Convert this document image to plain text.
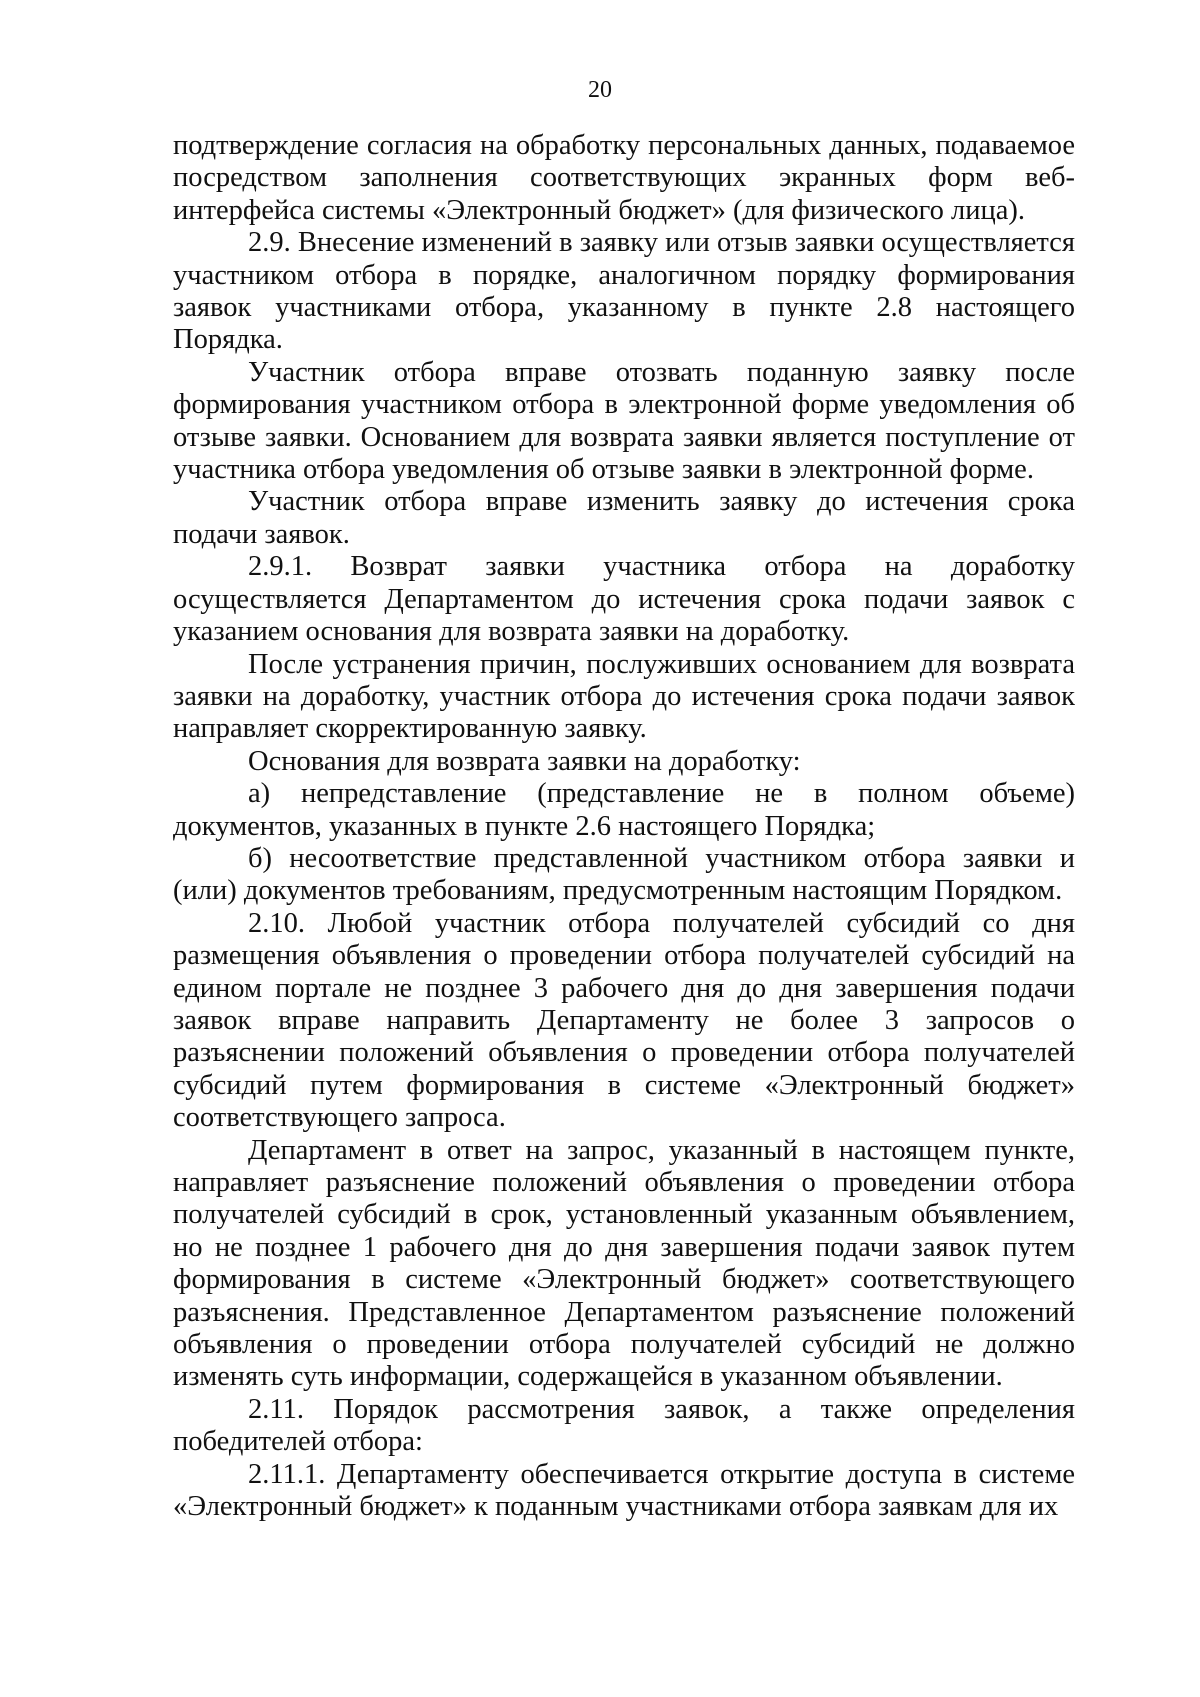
20

подтверждение согласия на обработку персональных данных, подаваемое посредством заполнения соответствующих экранных форм веб-интерфейса системы «Электронный бюджет» (для физического лица).

2.9. Внесение изменений в заявку или отзыв заявки осуществляется участником отбора в порядке, аналогичном порядку формирования заявок участниками отбора, указанному в пункте 2.8 настоящего Порядка.

Участник отбора вправе отозвать поданную заявку после формирования участником отбора в электронной форме уведомления об отзыве заявки. Основанием для возврата заявки является поступление от участника отбора уведомления об отзыве заявки в электронной форме.

Участник отбора вправе изменить заявку до истечения срока подачи заявок.

2.9.1. Возврат заявки участника отбора на доработку осуществляется Департаментом до истечения срока подачи заявок с указанием основания для возврата заявки на доработку.

После устранения причин, послуживших основанием для возврата заявки на доработку, участник отбора до истечения срока подачи заявок направляет скорректированную заявку.

Основания для возврата заявки на доработку:

а) непредставление (представление не в полном объеме) документов, указанных в пункте 2.6 настоящего Порядка;

б) несоответствие представленной участником отбора заявки и (или) документов требованиям, предусмотренным настоящим Порядком.

2.10. Любой участник отбора получателей субсидий со дня размещения объявления о проведении отбора получателей субсидий на едином портале не позднее 3 рабочего дня до дня завершения подачи заявок вправе направить Департаменту не более 3 запросов о разъяснении положений объявления о проведении отбора получателей субсидий путем формирования в системе «Электронный бюджет» соответствующего запроса.

Департамент в ответ на запрос, указанный в настоящем пункте, направляет разъяснение положений объявления о проведении отбора получателей субсидий в срок, установленный указанным объявлением, но не позднее 1 рабочего дня до дня завершения подачи заявок путем формирования в системе «Электронный бюджет» соответствующего разъяснения. Представленное Департаментом разъяснение положений объявления о проведении отбора получателей субсидий не должно изменять суть информации, содержащейся в указанном объявлении.

2.11. Порядок рассмотрения заявок, а также определения победителей отбора:

2.11.1. Департаменту обеспечивается открытие доступа в системе «Электронный бюджет» к поданным участниками отбора заявкам для их
